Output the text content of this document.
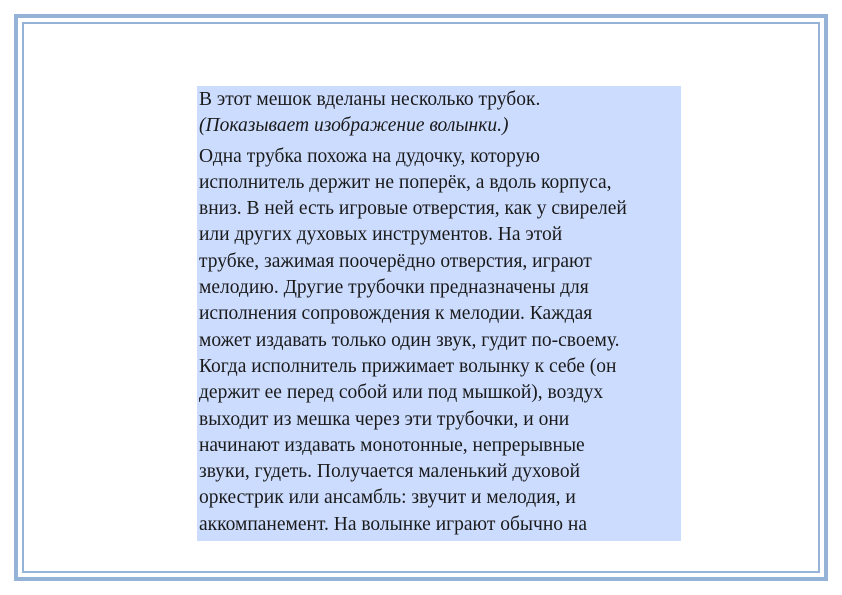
В этот мешок вделаны несколько трубок.
(Показывает изображение волынки.)

Одна трубка похожа на дудочку, которую
исполнитель держит не поперёк, а вдоль корпуса,
вниз. В ней есть игровые отверстия, как у свирелей
или других духовых инструментов. На этой
трубке, зажимая поочерёдно отверстия, играют
мелодию. Другие трубочки предназначены для
исполнения сопровождения к мелодии. Каждая
может издавать только один звук, гудит по-своему.
Когда исполнитель прижимает волынку к себе (он
держит ее перед собой или под мышкой), воздух
выходит из мешка через эти трубочки, и они
начинают издавать монотонные, непрерывные
звуки, гудеть. Получается маленький духовой
оркестрик или ансамбль: звучит и мелодия, и
аккомпанемент. На волынке играют обычно на
